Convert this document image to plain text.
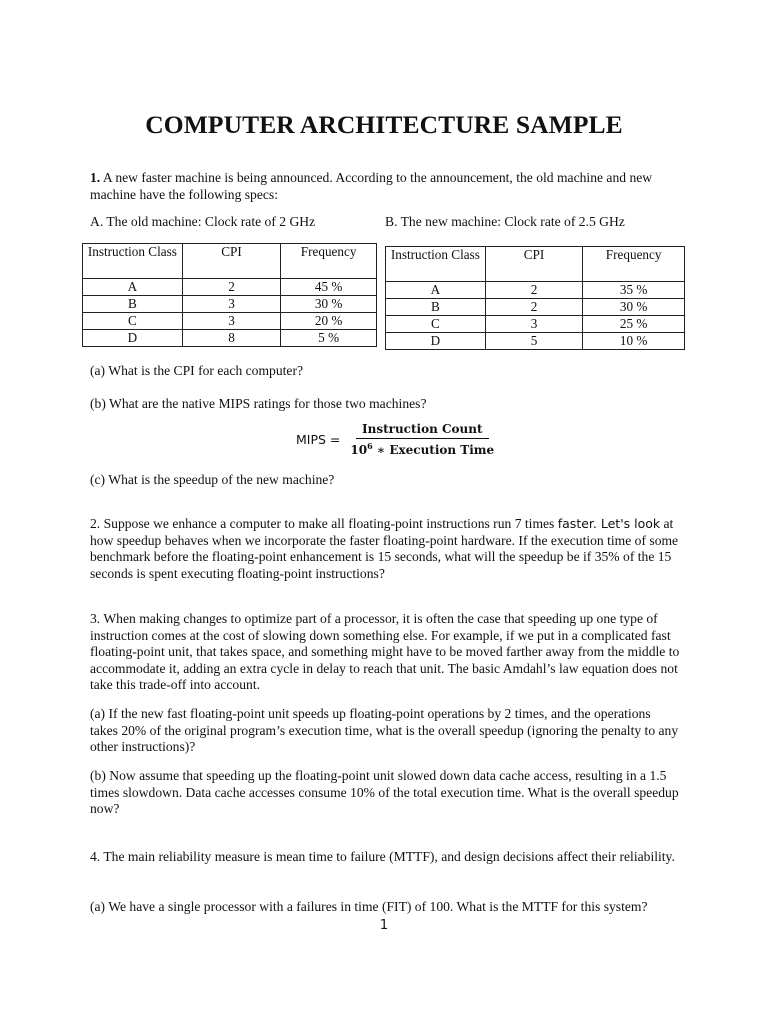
COMPUTER ARCHITECTURE SAMPLE
1. A new faster machine is being announced. According to the announcement, the old machine and new machine have the following specs:
A. The old machine: Clock rate of 2 GHz	B. The new machine: Clock rate of 2.5 GHz
Instruction Class	CPI	Frequency
A	2	45 %
B	3	30 %
C	3	20 %
D	8	5 %
Instruction Class	CPI	Frequency
A	2	35 %
B	2	30 %
C	3	25 %
D	5	10 %
(a) What is the CPI for each computer?
(b) What are the native MIPS ratings for those two machines?
MIPS = $\frac{\text{Instruction Count}}{10^6 ∗ Execution Time}$
(c) What is the speedup of the new machine?
2. Suppose we enhance a computer to make all floating-point instructions run 7 times faster. Let's look at how speedup behaves when we incorporate the faster floating-point hardware. If the execution time of some benchmark before the floating-point enhancement is 15 seconds, what will the speedup be if 35% of the 15 seconds is spent executing floating-point instructions?
3. When making changes to optimize part of a processor, it is often the case that speeding up one type of instruction comes at the cost of slowing down something else. For example, if we put in a complicated fast floating-point unit, that takes space, and something might have to be moved farther away from the middle to accommodate it, adding an extra cycle in delay to reach that unit. The basic Amdahl’s law equation does not take this trade-off into account.
(a) If the new fast floating-point unit speeds up floating-point operations by 2 times, and the operations takes 20% of the original program’s execution time, what is the overall speedup (ignoring the penalty to any other instructions)?
(b) Now assume that speeding up the floating-point unit slowed down data cache access, resulting in a 1.5 times slowdown. Data cache accesses consume 10% of the total execution time. What is the overall speedup now?
4. The main reliability measure is mean time to failure (MTTF), and design decisions affect their reliability.
(a) We have a single processor with a failures in time (FIT) of 100. What is the MTTF for this system?
1
